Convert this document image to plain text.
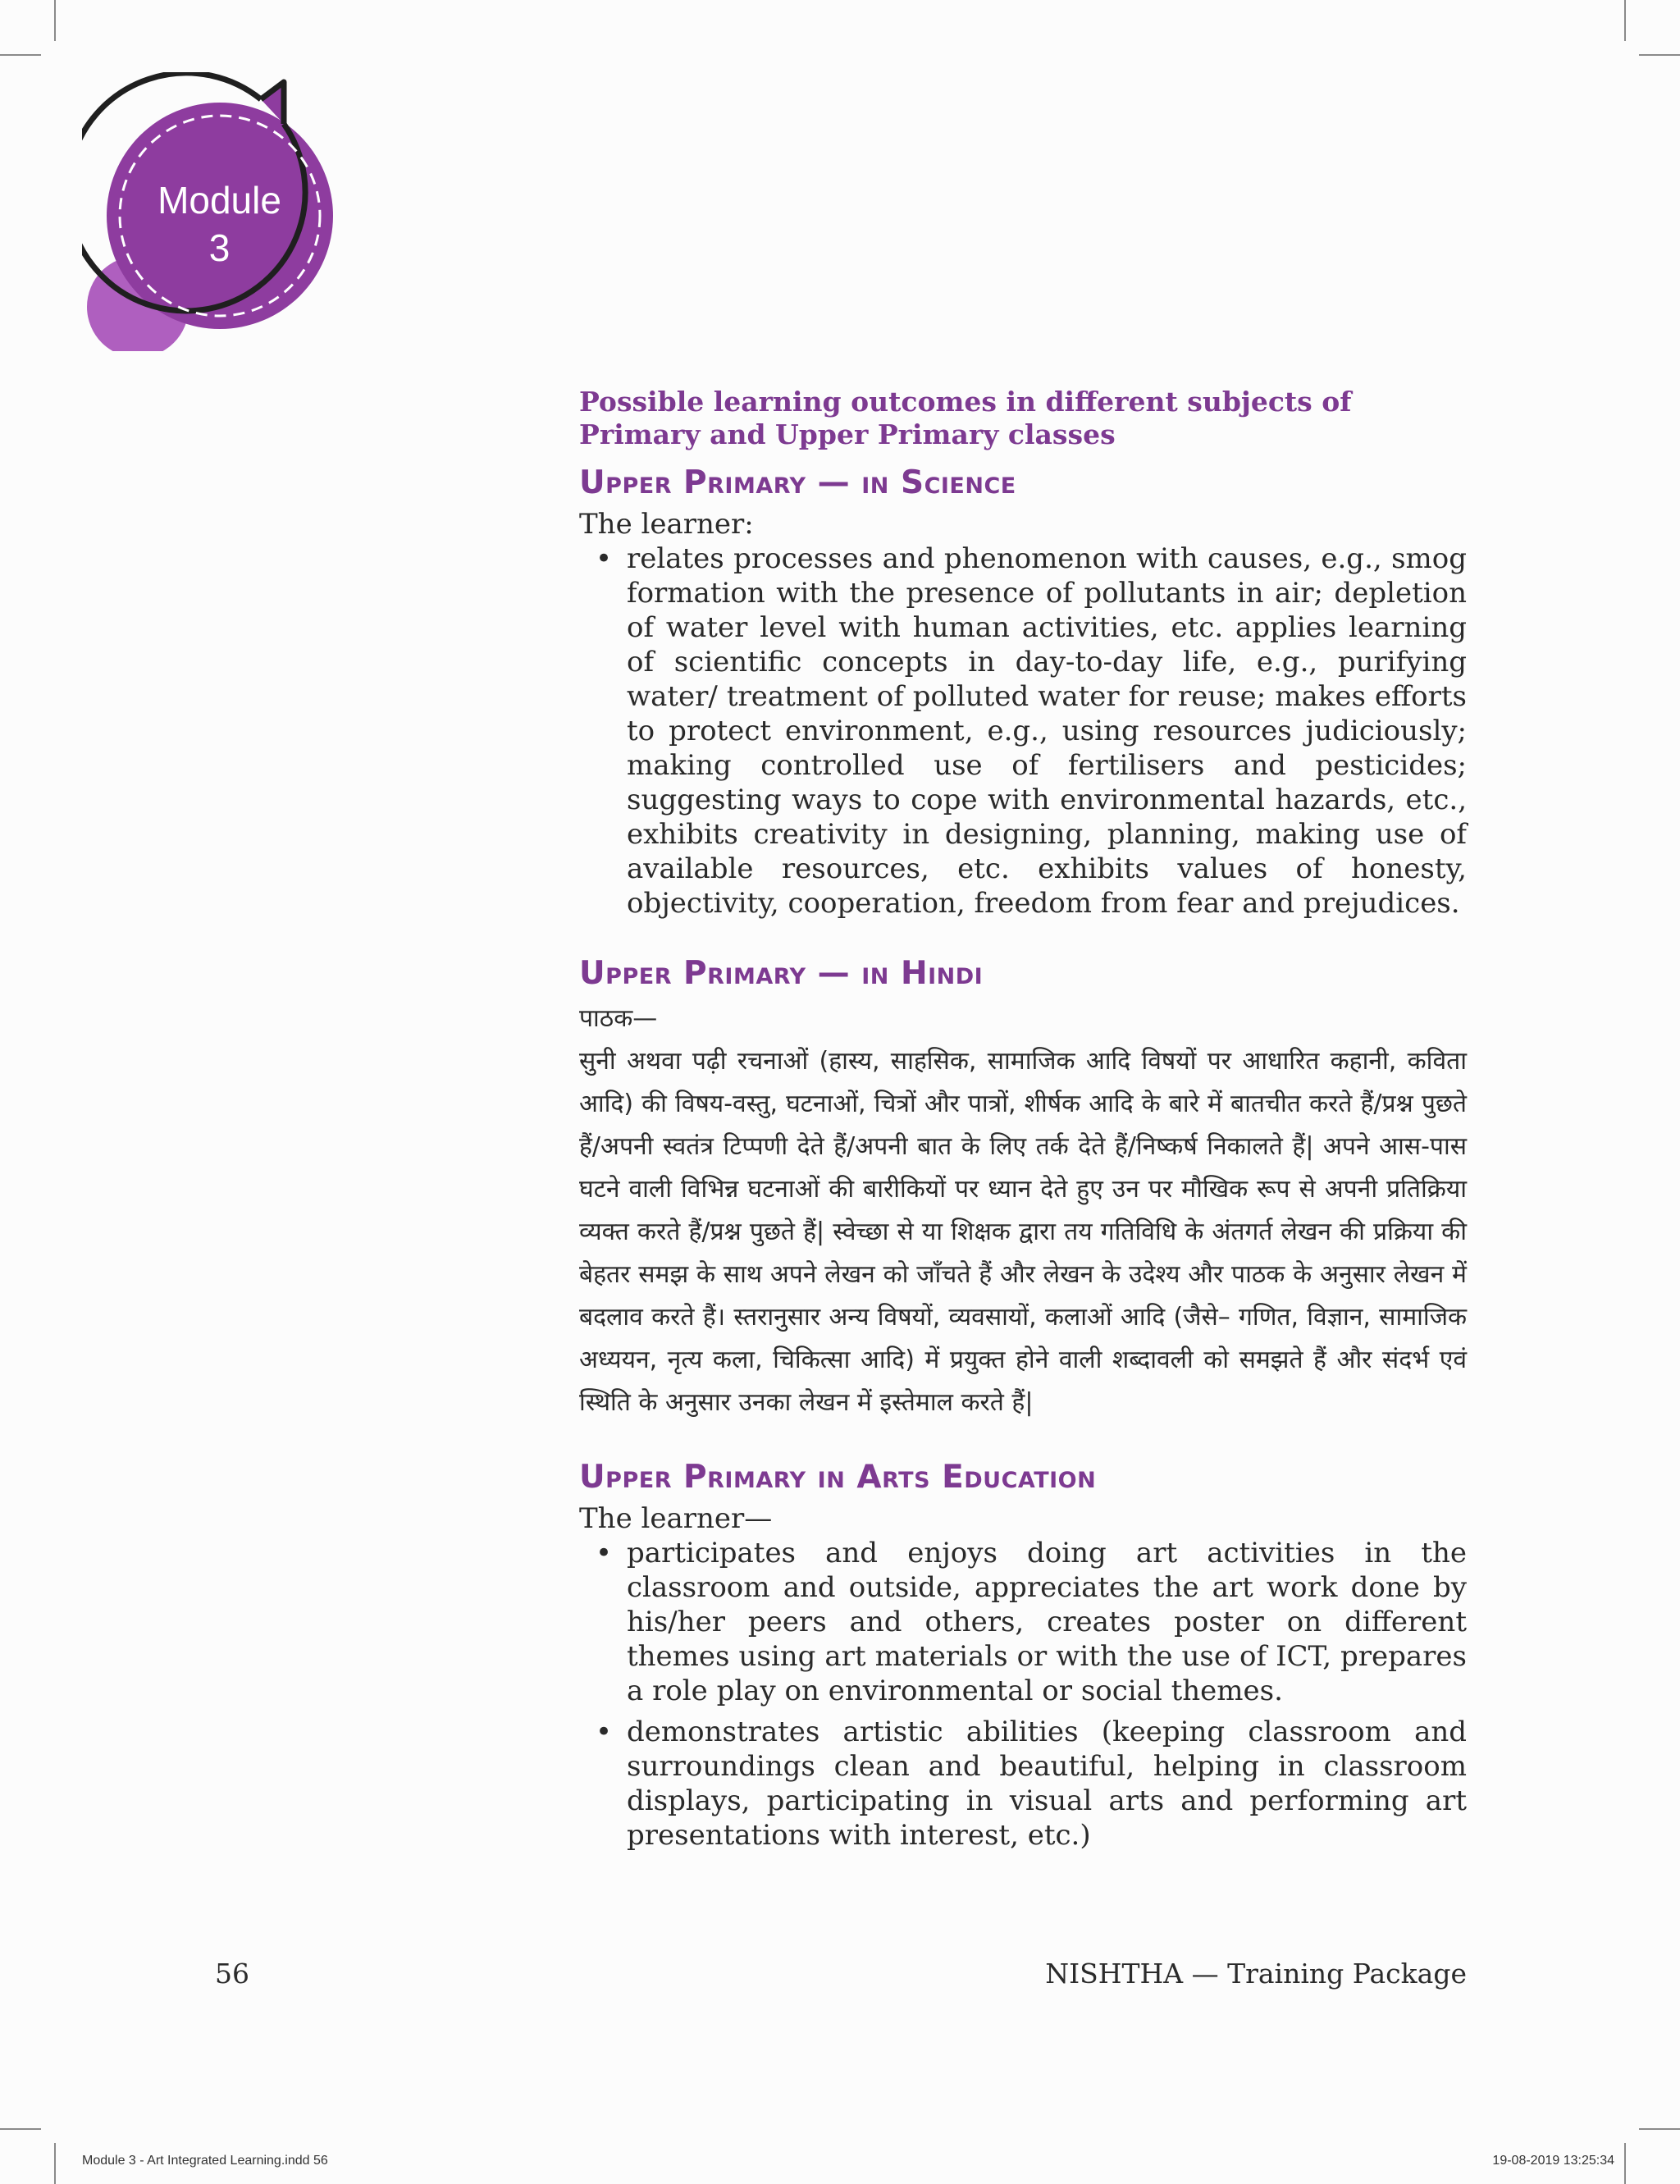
Module
3

Possible learning outcomes in different subjects of Primary and Upper Primary classes

Upper Primary — in Science

The learner:

• relates processes and phenomenon with causes, e.g., smog formation with the presence of pollutants in air; depletion of water level with human activities, etc. applies learning of scientific concepts in day-to-day life, e.g., purifying water/ treatment of polluted water for reuse; makes efforts to protect environment, e.g., using resources judiciously; making controlled use of fertilisers and pesticides; suggesting ways to cope with environmental hazards, etc., exhibits creativity in designing, planning, making use of available resources, etc. exhibits values of honesty, objectivity, cooperation, freedom from fear and prejudices.
Upper Primary — in Hindi

पाठक—

सुनी अथवा पढ़ी रचनाओं (हास्य, साहसिक, सामाजिक आदि विषयों पर आधारित कहानी, कविता आदि) की विषय-वस्तु, घटनाओं, चित्रों और पात्रों, शीर्षक आदि के बारे में बातचीत करते हैं/प्रश्न पुछते हैं/अपनी स्वतंत्र टिप्पणी देते हैं/अपनी बात के लिए तर्क देते हैं/निष्कर्ष निकालते हैं| अपने आस-पास घटने वाली विभिन्न घटनाओं की बारीकियों पर ध्यान देते हुए उन पर मौखिक रूप से अपनी प्रतिक्रिया व्यक्त करते हैं/प्रश्न पुछते हैं| स्वेच्छा से या शिक्षक द्वारा तय गतिविधि के अंतगर्त लेखन की प्रक्रिया की बेहतर समझ के साथ अपने लेखन को जाँचते हैं और लेखन के उदेश्य और पाठक के अनुसार लेखन में बदलाव करते हैं। स्तरानुसार अन्य विषयों, व्यवसायों, कलाओं आदि (जैसे– गणित, विज्ञान, सामाजिक अध्ययन, नृत्य कला, चिकित्सा आदि) में प्रयुक्त होने वाली शब्दावली को समझते हैं और संदर्भ एवं स्थिति के अनुसार उनका लेखन में इस्तेमाल करते हैं|

Upper Primary in Arts Education

The learner—

• participates and enjoys doing art activities in the classroom and outside, appreciates the art work done by his/her peers and others, creates poster on different themes using art materials or with the use of ICT, prepares a role play on environmental or social themes.
• demonstrates artistic abilities (keeping classroom and surroundings clean and beautiful, helping in classroom displays, participating in visual arts and performing art presentations with interest, etc.)
56	NISHTHA — Training Package
Module 3 - Art Integrated Learning.indd 56	19-08-2019 13:25:34
